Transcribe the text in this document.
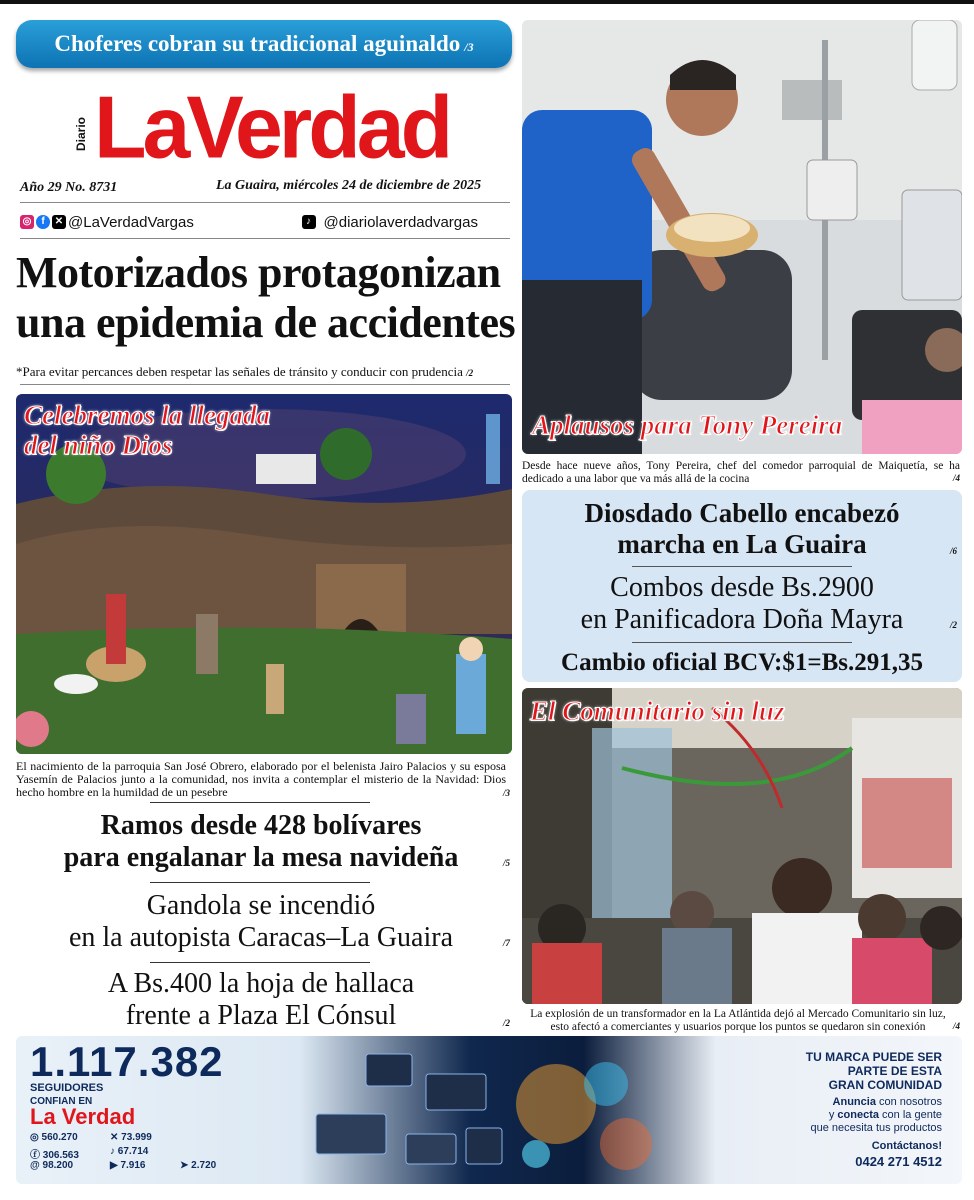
Choferes cobran su tradicional aguinaldo /3
Diario LaVerdad
Año 29 No. 8731	La Guaira, miércoles 24 de diciembre de 2025
◎ f	✕ @LaVerdadVargas	♪ @diariolaverdadvargas
Motorizados protagonizan
una epidemia de accidentes
*Para evitar percances deben respetar las señales de tránsito y conducir con prudencia /2
Celebremos la llegada
del niño Dios
El nacimiento de la parroquia San José Obrero, elaborado por el belenista Jairo Palacios y su esposa Yasemín de Palacios junto a la comunidad, nos invita a contemplar el misterio de la Navidad: Dios hecho hombre en la humildad de un pesebre	/3
Ramos desde 428 bolívares
para engalanar la mesa navideña	/5
Gandola se incendió
en la autopista Caracas–La Guaira	/7
A Bs.400 la hoja de hallaca
frente a Plaza El Cónsul	/2
Aplausos para Tony Pereira
Desde hace nueve años, Tony Pereira, chef del comedor parroquial de Maiquetía, se ha dedicado a una labor que va más allá de la cocina	/4
Diosdado Cabello encabezó
marcha en La Guaira	/6
Combos desde Bs.2900
en Panificadora Doña Mayra	/2
Cambio oficial BCV:$1=Bs.291,35
El Comunitario sin luz
La explosión de un transformador en la La Atlántida dejó al Mercado Comunitario sin luz, esto afectó a comerciantes y usuarios porque los puntos se quedaron sin conexión	/4
1.117.382
SEGUIDORES
CONFIAN EN
La Verdad
◎ 560.270	✕ 73.999
ⓕ 306.563	♪ 67.714
@ 98.200	▶ 7.916	➤ 2.720
TU MARCA PUEDE SER
PARTE DE ESTA
GRAN COMUNIDAD
Anuncia con nosotros
y conecta con la gente
que necesita tus productos
Contáctanos!
0424 271 4512
